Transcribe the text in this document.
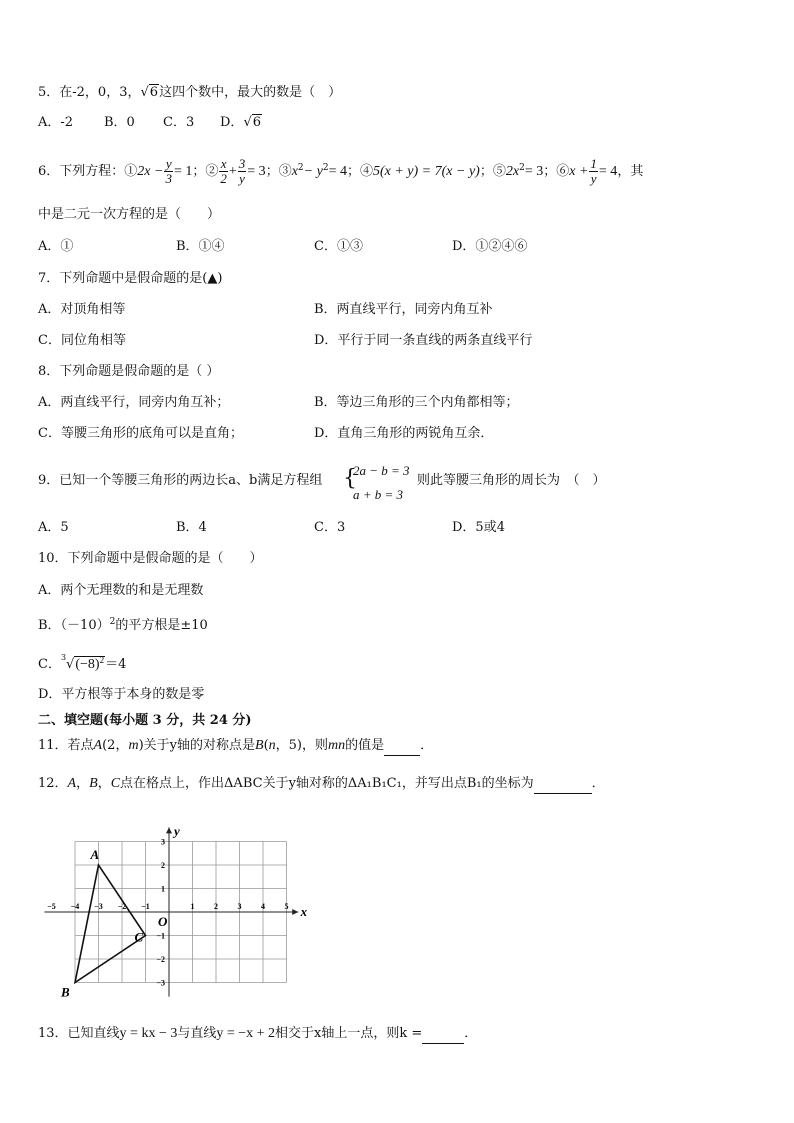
5．在-2，0，3，√6这四个数中，最大的数是（　）
A．-2 B．0 C．3 D．√6
6．下列方程：①2x − $\frac{y}{3} = 1$；② $\frac{x}{2} + \frac{3}{y} = 3$；$③x^2- y^2= 4$；④5(x + y) = 7(x − y)；$⑤2x^2= 3$；⑥x + $\frac{1}{y} = 4$，其
中是二元一次方程的是（　　）
A．①	B．①④	C．①③	D．①②④⑥
7．下列命题中是假命题的是(▲)
A．对顶角相等	B．两直线平行，同旁内角互补
C．同位角相等	D．平行于同一条直线的两条直线平行
8．下列命题是假命题的是（ ）
A．两直线平行，同旁内角互补；	B．等边三角形的三个内角都相等；
C．等腰三角形的底角可以是直角；	D．直角三角形的两锐角互余．
9．已知一个等腰三角形的两边长a、b满足方程组 {
2a − b = 3
a + b = 3
则此等腰三角形的周长为　（　）
A．5	B．4	C．3	D．5或4
10．下列命题中是假命题的是（　　）
A．两个无理数的和是无理数
B．$(-10)^2$的平方根是±10
C．$^3√(-8)^2=4$
D．平方根等于本身的数是零
二、填空题(每小题 3 分，共 24 分)
11．若点A(2，m)关于y轴的对称点是B(n，5)，则mn的值是	．
12．A，B，C点在格点上，作出ΔABC关于y轴对称的ΔA₁B₁C₁，并写出点B₁的坐标为	．
x
y
O
−5 −4 −3 −2 −1	1 2 3 4 5
3
2
1
−1
−2
−3
A
B
C
13．已知直线y = kx − 3与直线y = −x + 2相交于x轴上一点，则k =	．
